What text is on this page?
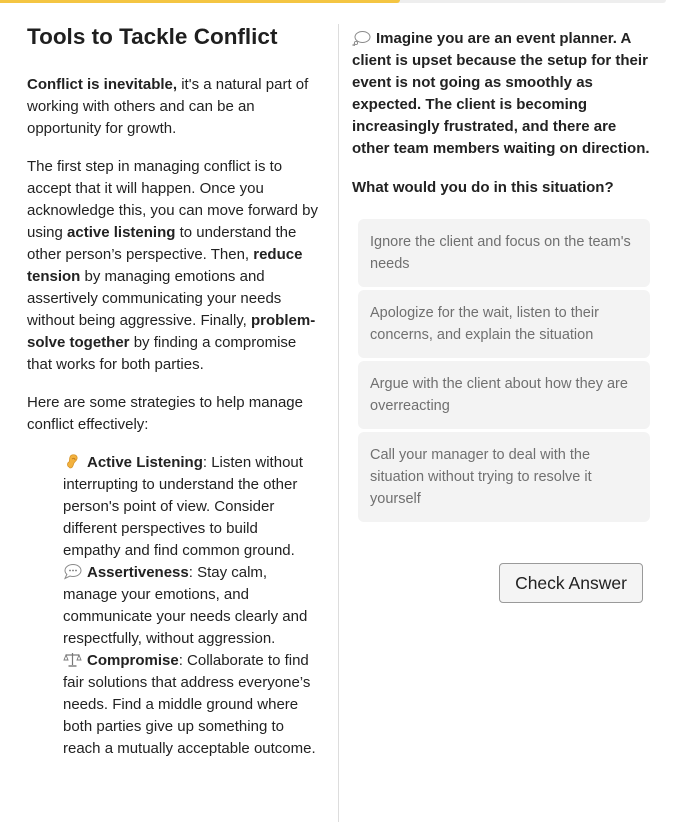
Tools to Tackle Conflict

Conflict is inevitable, it's a natural part of working with others and can be an opportunity for growth.

The first step in managing conflict is to accept that it will happen. Once you acknowledge this, you can move forward by using active listening to understand the other person’s perspective. Then, reduce tension by managing emotions and assertively communicating your needs without being aggressive. Finally, problem-solve together by finding a compromise that works for both parties.

Here are some strategies to help manage conflict effectively:

Active Listening: Listen without interrupting to understand the other person's point of view. Consider different perspectives to build empathy and find common ground.
Assertiveness: Stay calm, manage your emotions, and communicate your needs clearly and respectfully, without aggression.
Compromise: Collaborate to find fair solutions that address everyone’s needs. Find a middle ground where both parties give up something to reach a mutually acceptable outcome.

Imagine you are an event planner. A client is upset because the setup for their event is not going as smoothly as expected. The client is becoming increasingly frustrated, and there are other team members waiting on direction.

What would you do in this situation?

Ignore the client and focus on the team's needs
Apologize for the wait, listen to their concerns, and explain the situation
Argue with the client about how they are overreacting
Call your manager to deal with the situation without trying to resolve it yourself
Check Answer
